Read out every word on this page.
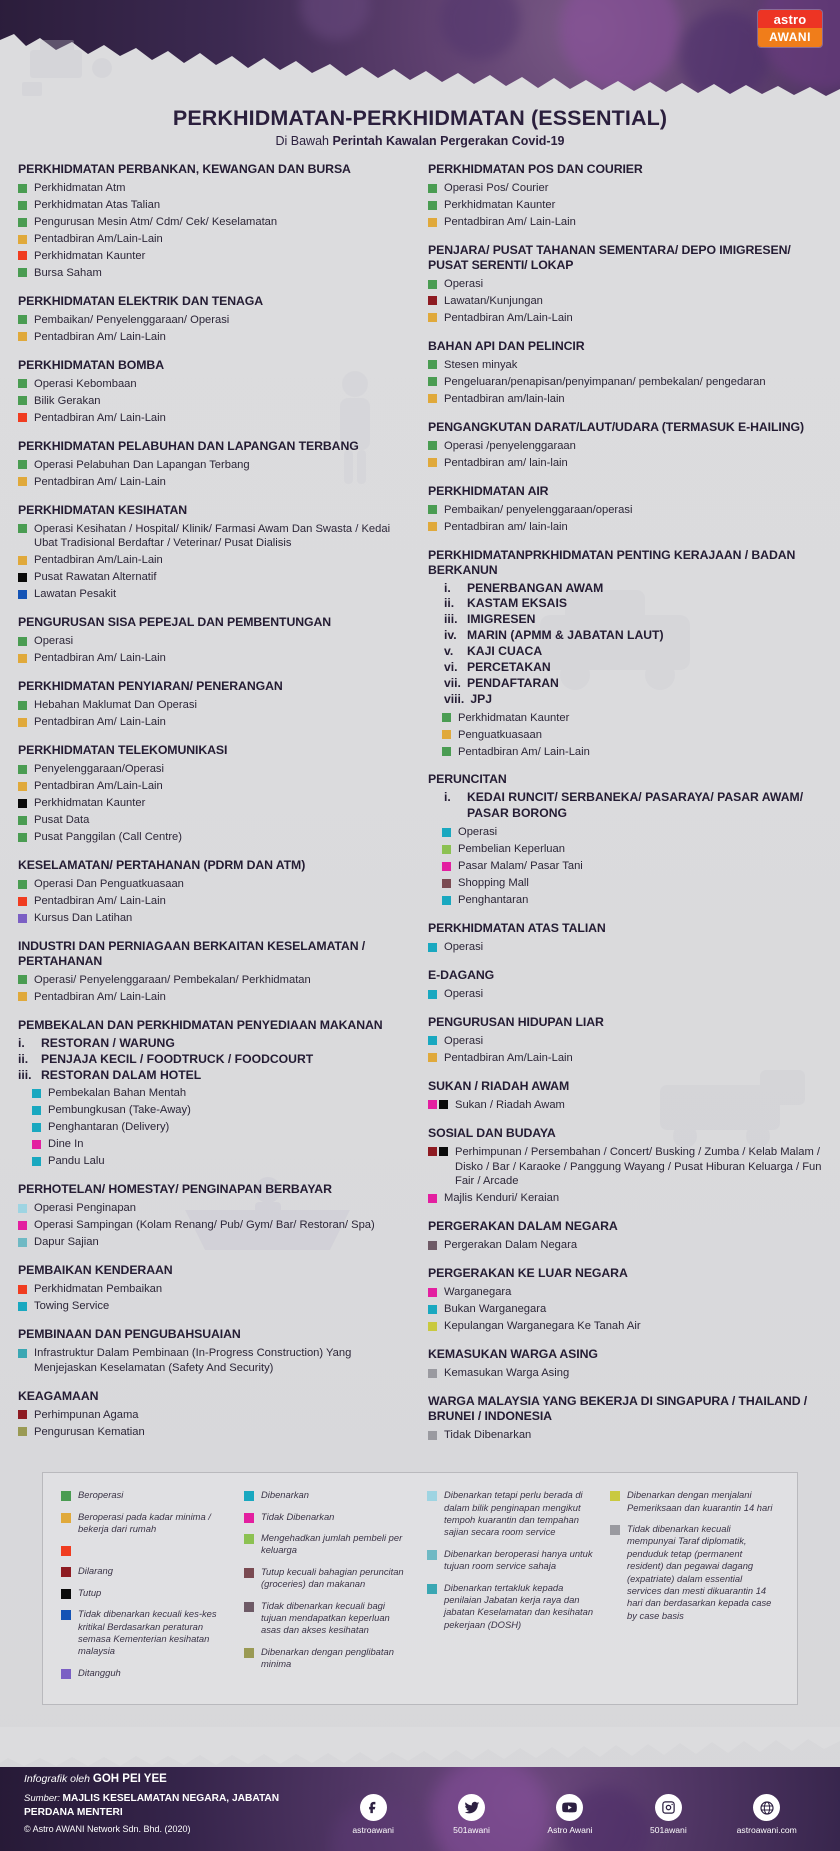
astro
AWANI
PERKHIDMATAN-PERKHIDMATAN (ESSENTIAL)
Di Bawah Perintah Kawalan Pergerakan Covid-19
PERKHIDMATAN PERBANKAN, KEWANGAN DAN BURSA
Perkhidmatan Atm
Perkhidmatan Atas Talian
Pengurusan Mesin Atm/ Cdm/ Cek/ Keselamatan
Pentadbiran Am/Lain-Lain
Perkhidmatan Kaunter
Bursa Saham
PERKHIDMATAN ELEKTRIK DAN TENAGA
Pembaikan/ Penyelenggaraan/ Operasi
Pentadbiran Am/ Lain-Lain
PERKHIDMATAN BOMBA
Operasi Kebombaan
Bilik Gerakan
Pentadbiran Am/ Lain-Lain
PERKHIDMATAN PELABUHAN DAN LAPANGAN TERBANG
Operasi Pelabuhan Dan Lapangan Terbang
Pentadbiran Am/ Lain-Lain
PERKHIDMATAN KESIHATAN
Operasi Kesihatan / Hospital/ Klinik/ Farmasi Awam Dan Swasta / Kedai Ubat Tradisional Berdaftar / Veterinar/ Pusat Dialisis
Pentadbiran Am/Lain-Lain
Pusat Rawatan Alternatif
Lawatan Pesakit
PENGURUSAN SISA PEPEJAL DAN PEMBENTUNGAN
Operasi
Pentadbiran Am/ Lain-Lain
PERKHIDMATAN PENYIARAN/ PENERANGAN
Hebahan Maklumat Dan Operasi
Pentadbiran Am/ Lain-Lain
PERKHIDMATAN TELEKOMUNIKASI
Penyelenggaraan/Operasi
Pentadbiran Am/Lain-Lain
Perkhidmatan Kaunter
Pusat Data
Pusat Panggilan (Call Centre)
KESELAMATAN/ PERTAHANAN (PDRM DAN ATM)
Operasi Dan Penguatkuasaan
Pentadbiran Am/ Lain-Lain
Kursus Dan Latihan
INDUSTRI DAN PERNIAGAAN BERKAITAN KESELAMATAN / PERTAHANAN
Operasi/ Penyelenggaraan/ Pembekalan/ Perkhidmatan
Pentadbiran Am/ Lain-Lain
PEMBEKALAN DAN PERKHIDMATAN PENYEDIAAN MAKANAN
i.	RESTORAN / WARUNG
ii.	PENJAJA KECIL / FOODTRUCK / FOODCOURT
iii. RESTORAN DALAM HOTEL
Pembekalan Bahan Mentah
Pembungkusan (Take-Away)
Penghantaran (Delivery)
Dine In
Pandu Lalu
PERHOTELAN/ HOMESTAY/ PENGINAPAN BERBAYAR
Operasi Penginapan
Operasi Sampingan (Kolam Renang/ Pub/ Gym/ Bar/ Restoran/ Spa)
Dapur Sajian
PEMBAIKAN KENDERAAN
Perkhidmatan Pembaikan
Towing Service
PEMBINAAN DAN PENGUBAHSUAIAN
Infrastruktur Dalam Pembinaan (In-Progress Construction) Yang Menjejaskan Keselamatan (Safety And Security)
KEAGAMAAN
Perhimpunan Agama
Pengurusan Kematian
PERKHIDMATAN POS DAN COURIER
Operasi Pos/ Courier
Perkhidmatan Kaunter
Pentadbiran Am/ Lain-Lain
PENJARA/ PUSAT TAHANAN SEMENTARA/ DEPO IMIGRESEN/ PUSAT SERENTI/ LOKAP
Operasi
Lawatan/Kunjungan
Pentadbiran Am/Lain-Lain
BAHAN API DAN PELINCIR
Stesen minyak
Pengeluaran/penapisan/penyimpanan/ pembekalan/ pengedaran
Pentadbiran am/lain-lain
PENGANGKUTAN DARAT/LAUT/UDARA (TERMASUK E-HAILING)
Operasi /penyelenggaraan
Pentadbiran am/ lain-lain
PERKHIDMATAN AIR
Pembaikan/ penyelenggaraan/operasi
Pentadbiran am/ lain-lain
PERKHIDMATANPRKHIDMATAN PENTING KERAJAAN / BADAN BERKANUN
i.	PENERBANGAN AWAM
ii.	KASTAM EKSAIS
iii. IMIGRESEN
iv. MARIN (APMM & JABATAN LAUT)
v.	KAJI CUACA
vi. PERCETAKAN
vii. PENDAFTARAN
viii. JPJ
Perkhidmatan Kaunter
Penguatkuasaan
Pentadbiran Am/ Lain-Lain
PERUNCITAN
i.	KEDAI RUNCIT/ SERBANEKA/ PASARAYA/ PASAR AWAM/ PASAR BORONG
Operasi
Pembelian Keperluan
Pasar Malam/ Pasar Tani
Shopping Mall
Penghantaran
PERKHIDMATAN ATAS TALIAN
Operasi
E-DAGANG
Operasi
PENGURUSAN HIDUPAN LIAR
Operasi
Pentadbiran Am/Lain-Lain
SUKAN / RIADAH AWAM
Sukan / Riadah Awam
SOSIAL DAN BUDAYA
Perhimpunan / Persembahan / Concert/ Busking / Zumba / Kelab Malam / Disko / Bar / Karaoke / Panggung Wayang / Pusat Hiburan Keluarga / Fun Fair / Arcade
Majlis Kenduri/ Keraian
PERGERAKAN DALAM NEGARA
Pergerakan Dalam Negara
PERGERAKAN KE LUAR NEGARA
Warganegara
Bukan Warganegara
Kepulangan Warganegara Ke Tanah Air
KEMASUKAN WARGA ASING
Kemasukan Warga Asing
WARGA MALAYSIA YANG BEKERJA DI SINGAPURA / THAILAND / BRUNEI / INDONESIA
Tidak Dibenarkan
Beroperasi
Beroperasi pada kadar minima / bekerja dari rumah
Dilarang
Tutup
Tidak dibenarkan kecuali kes-kes kritikal Berdasarkan peraturan semasa Kementerian kesihatan malaysia
Ditangguh
Dibenarkan
Tidak Dibenarkan
Mengehadkan jumlah pembeli per keluarga
Tutup kecuali bahagian peruncitan (groceries) dan makanan
Tidak dibenarkan kecuali bagi tujuan mendapatkan keperluan asas dan akses kesihatan
Dibenarkan dengan penglibatan minima
Dibenarkan tetapi perlu berada di dalam bilik penginapan mengikut tempoh kuarantin dan tempahan sajian secara room service
Dibenarkan beroperasi hanya untuk tujuan room service sahaja
Dibenarkan tertakluk kepada penilaian Jabatan kerja raya dan jabatan Keselamatan dan kesihatan pekerjaan (DOSH)
Dibenarkan dengan menjalani Pemeriksaan dan kuarantin 14 hari
Tidak dibenarkan kecuali mempunyai Taraf diplomatik, penduduk tetap (permanent resident) dan pegawai dagang (expatriate) dalam essential services dan mesti dikuarantin 14 hari dan berdasarkan kepada case by case basis
Infografik oleh GOH PEI YEE
Sumber: MAJLIS KESELAMATAN NEGARA, JABATAN PERDANA MENTERI
© Astro AWANI Network Sdn. Bhd. (2020)	astroawani	501awani	Astro Awani	501awani	astroawani.com
